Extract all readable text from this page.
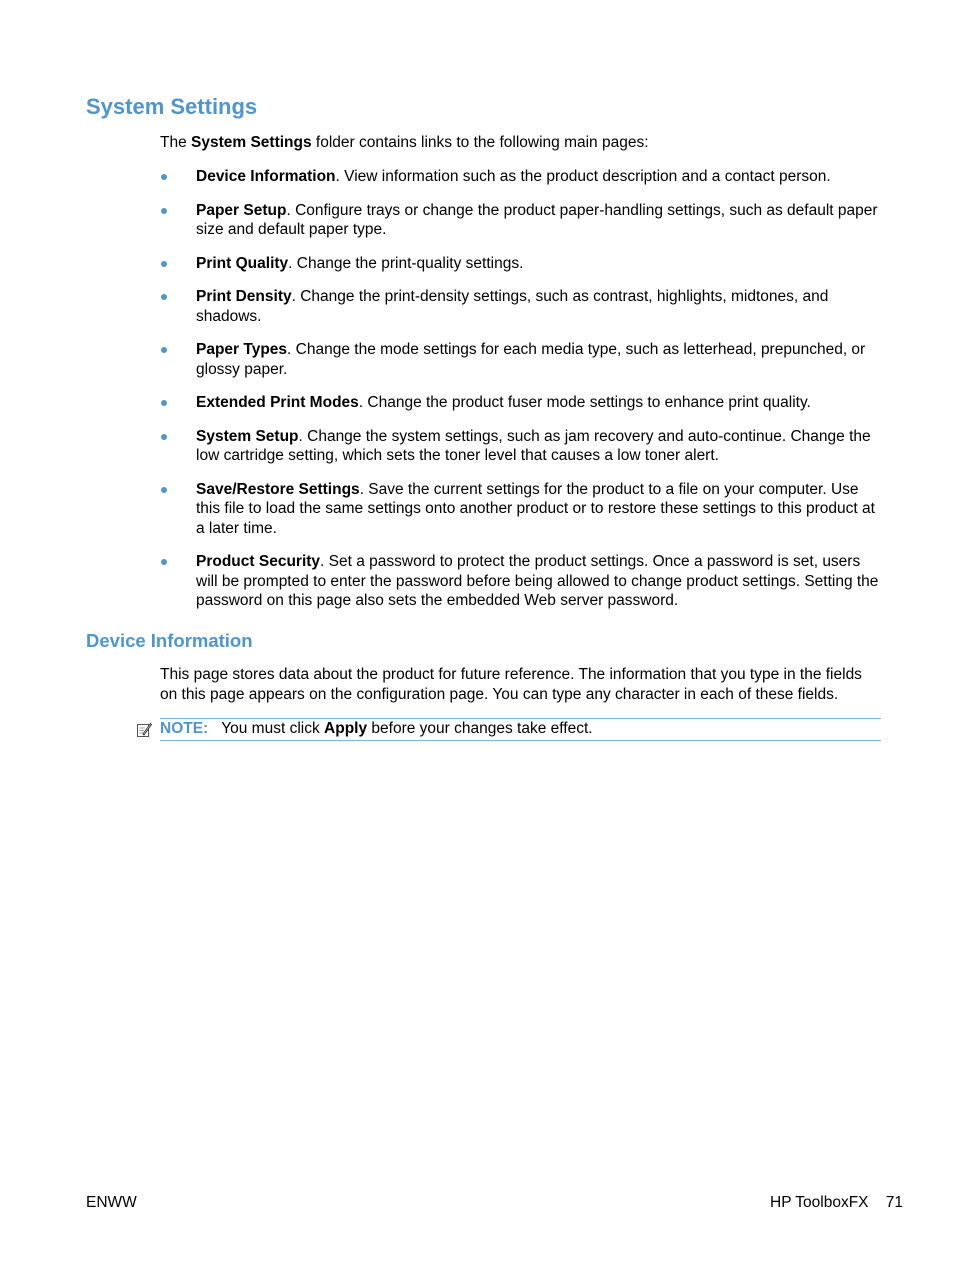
System Settings

The System Settings folder contains links to the following main pages:

Device Information. View information such as the product description and a contact person.
Paper Setup. Configure trays or change the product paper-handling settings, such as default paper size and default paper type.
Print Quality. Change the print-quality settings.
Print Density. Change the print-density settings, such as contrast, highlights, midtones, and shadows.
Paper Types. Change the mode settings for each media type, such as letterhead, prepunched, or glossy paper.
Extended Print Modes. Change the product fuser mode settings to enhance print quality.
System Setup. Change the system settings, such as jam recovery and auto-continue. Change the low cartridge setting, which sets the toner level that causes a low toner alert.
Save/Restore Settings. Save the current settings for the product to a file on your computer. Use this file to load the same settings onto another product or to restore these settings to this product at a later time.
Product Security. Set a password to protect the product settings. Once a password is set, users will be prompted to enter the password before being allowed to change product settings. Setting the password on this page also sets the embedded Web server password.
Device Information

This page stores data about the product for future reference. The information that you type in the fields on this page appears on the configuration page. You can type any character in each of these fields.

NOTE: You must click Apply before your changes take effect.
ENWW	HP ToolboxFX 71
